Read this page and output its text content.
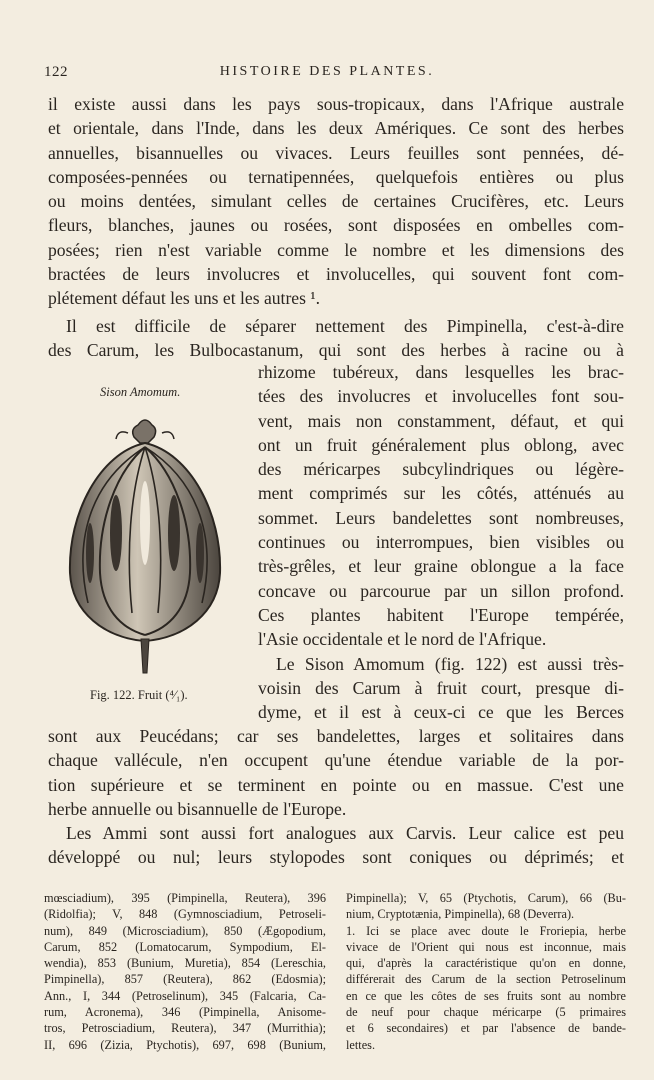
122	HISTOIRE DES PLANTES.
il existe aussi dans les pays sous-tropicaux, dans l'Afrique australe
et orientale, dans l'Inde, dans les deux Amériques. Ce sont des herbes
annuelles, bisannuelles ou vivaces. Leurs feuilles sont pennées, dé-
composées-pennées ou ternatipennées, quelquefois entières ou plus
ou moins dentées, simulant celles de certaines Crucifères, etc. Leurs
fleurs, blanches, jaunes ou rosées, sont disposées en ombelles com-
posées; rien n'est variable comme le nombre et les dimensions des
bractées de leurs involucres et involucelles, qui souvent font com-
plétement défaut les uns et les autres ¹.
Il est difficile de séparer nettement des Pimpinella, c'est-à-dire
des Carum, les Bulbocastanum, qui sont des herbes à racine ou à
Sison Amomum.
Fig. 122. Fruit (⁴⁄₁).
rhizome tubéreux, dans lesquelles les brac-
tées des involucres et involucelles font sou-
vent, mais non constamment, défaut, et qui
ont un fruit généralement plus oblong, avec
des méricarpes subcylindriques ou légère-
ment comprimés sur les côtés, atténués au
sommet. Leurs bandelettes sont nombreuses,
continues ou interrompues, bien visibles ou
très-grêles, et leur graine oblongue a la face
concave ou parcourue par un sillon profond.
Ces plantes habitent l'Europe tempérée,
l'Asie occidentale et le nord de l'Afrique.
Le Sison Amomum (fig. 122) est aussi très-
voisin des Carum à fruit court, presque di-
dyme, et il est à ceux-ci ce que les Berces
sont aux Peucédans; car ses bandelettes, larges et solitaires dans
chaque vallécule, n'en occupent qu'une étendue variable de la por-
tion supérieure et se terminent en pointe ou en massue. C'est une
herbe annuelle ou bisannuelle de l'Europe.
Les Ammi sont aussi fort analogues aux Carvis. Leur calice est peu
développé ou nul; leurs stylopodes sont coniques ou déprimés; et
mœsciadium), 395 (Pimpinella, Reutera), 396
(Ridolfia); V, 848 (Gymnosciadium, Petroseli-
num), 849 (Microsciadium), 850 (Ægopodium,
Carum, 852 (Lomatocarum, Sympodium, El-
wendia), 853 (Bunium, Muretia), 854 (Lereschia,
Pimpinella), 857 (Reutera), 862 (Edosmia);
Ann., I, 344 (Petroselinum), 345 (Falcaria, Ca-
rum, Acronema), 346 (Pimpinella, Anisome-
tros, Petrosciadium, Reutera), 347 (Murrithia);
II, 696 (Zizia, Ptychotis), 697, 698 (Bunium,
Pimpinella); V, 65 (Ptychotis, Carum), 66 (Bu-
nium, Cryptotænia, Pimpinella), 68 (Deverra).
1. Ici se place avec doute le Froriepia, herbe
vivace de l'Orient qui nous est inconnue, mais
qui, d'après la caractéristique qu'on en donne,
différerait des Carum de la section Petroselinum
en ce que les côtes de ses fruits sont au nombre
de neuf pour chaque méricarpe (5 primaires
et 6 secondaires) et par l'absence de bande-
lettes.
